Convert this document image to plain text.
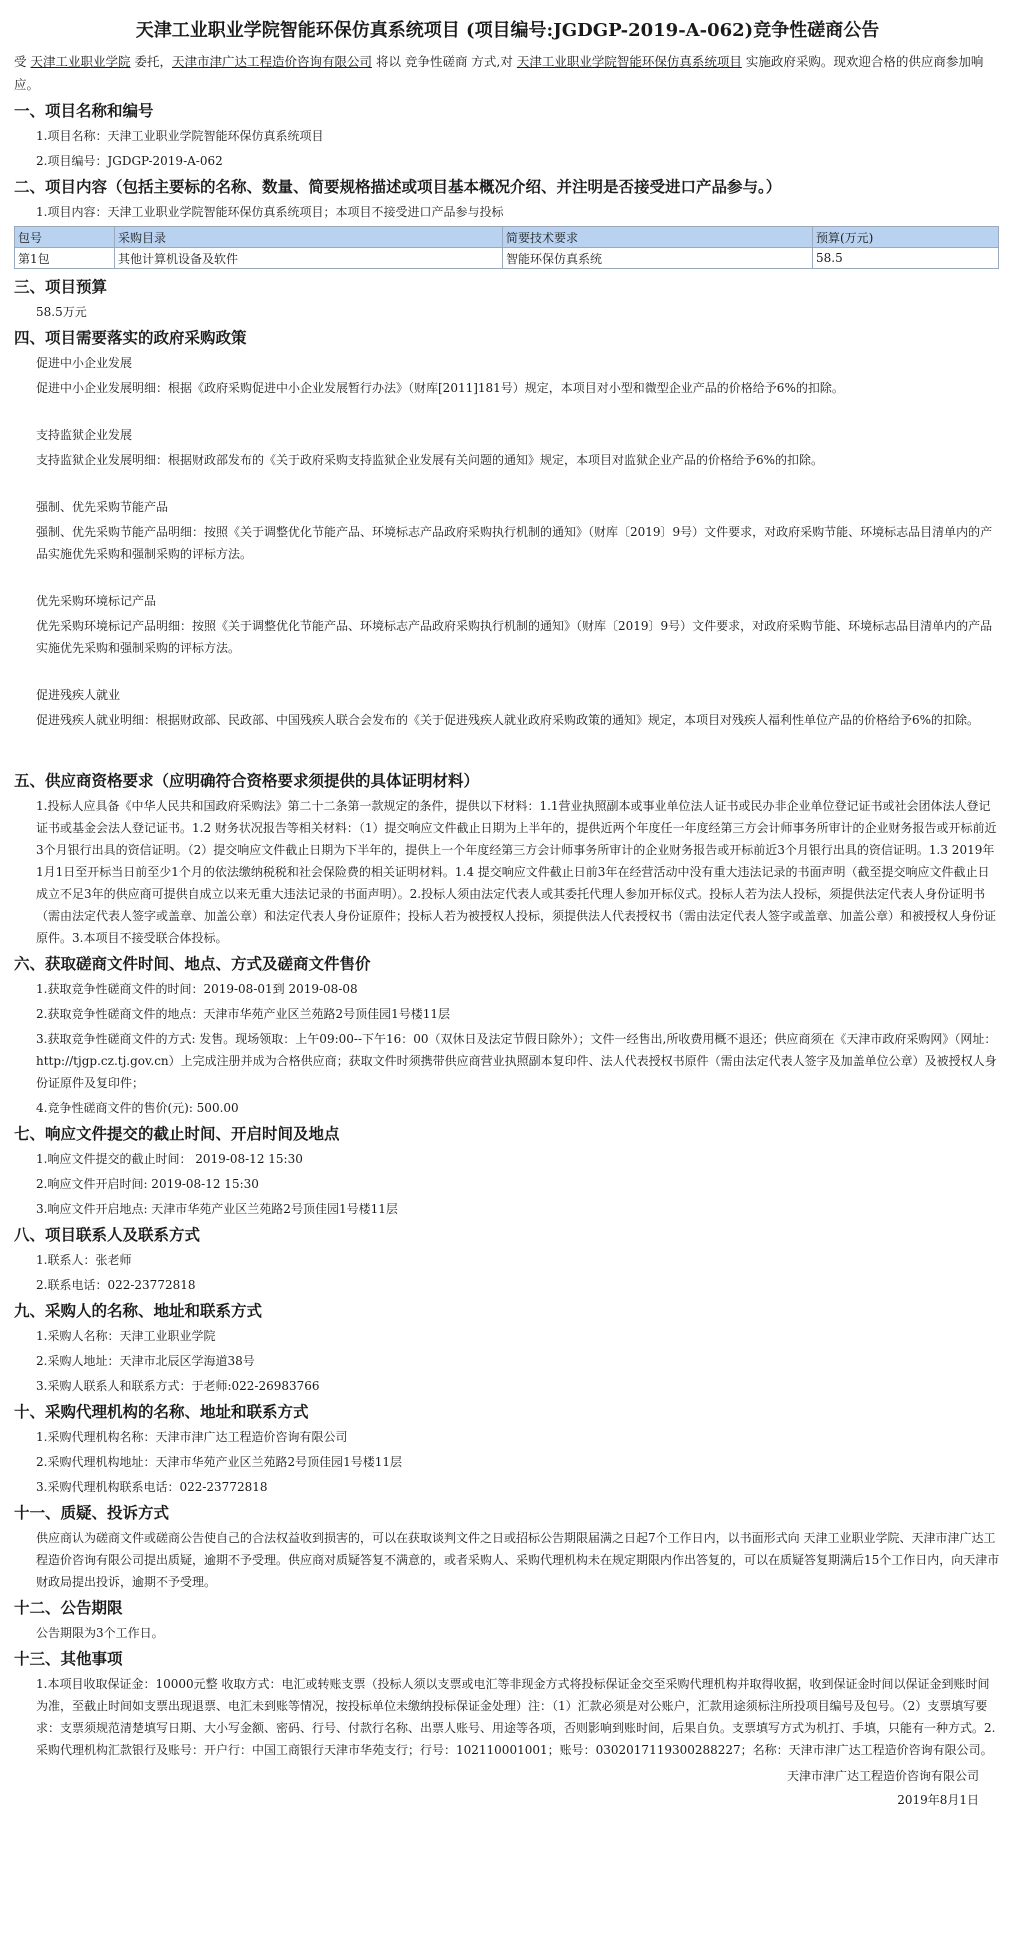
天津工业职业学院智能环保仿真系统项目 (项目编号:JGDGP-2019-A-062)竞争性磋商公告
受 天津工业职业学院 委托，天津市津广达工程造价咨询有限公司 将以 竞争性磋商 方式,对 天津工业职业学院智能环保仿真系统项目 实施政府采购。现欢迎合格的供应商参加响应。
一、项目名称和编号
1.项目名称：天津工业职业学院智能环保仿真系统项目
2.项目编号：JGDGP-2019-A-062
二、项目内容（包括主要标的名称、数量、简要规格描述或项目基本概况介绍、并注明是否接受进口产品参与。）
1.项目内容：天津工业职业学院智能环保仿真系统项目；本项目不接受进口产品参与投标
包号	采购目录	简要技术要求	预算(万元)
第1包	其他计算机设备及软件	智能环保仿真系统	58.5
三、项目预算
58.5万元
四、项目需要落实的政府采购政策
促进中小企业发展
促进中小企业发展明细：根据《政府采购促进中小企业发展暂行办法》（财库[2011]181号）规定，本项目对小型和微型企业产品的价格给予6%的扣除。
支持监狱企业发展
支持监狱企业发展明细：根据财政部发布的《关于政府采购支持监狱企业发展有关问题的通知》规定，本项目对监狱企业产品的价格给予6%的扣除。
强制、优先采购节能产品
强制、优先采购节能产品明细：按照《关于调整优化节能产品、环境标志产品政府采购执行机制的通知》（财库〔2019〕9号）文件要求，对政府采购节能、环境标志品目清单内的产品实施优先采购和强制采购的评标方法。
优先采购环境标记产品
优先采购环境标记产品明细：按照《关于调整优化节能产品、环境标志产品政府采购执行机制的通知》（财库〔2019〕9号）文件要求，对政府采购节能、环境标志品目清单内的产品实施优先采购和强制采购的评标方法。
促进残疾人就业
促进残疾人就业明细：根据财政部、民政部、中国残疾人联合会发布的《关于促进残疾人就业政府采购政策的通知》规定，本项目对残疾人福利性单位产品的价格给予6%的扣除。
五、供应商资格要求（应明确符合资格要求须提供的具体证明材料）
1.投标人应具备《中华人民共和国政府采购法》第二十二条第一款规定的条件，提供以下材料：1.1营业执照副本或事业单位法人证书或民办非企业单位登记证书或社会团体法人登记证书或基金会法人登记证书。1.2 财务状况报告等相关材料：（1）提交响应文件截止日期为上半年的，提供近两个年度任一年度经第三方会计师事务所审计的企业财务报告或开标前近3个月银行出具的资信证明。（2）提交响应文件截止日期为下半年的，提供上一个年度经第三方会计师事务所审计的企业财务报告或开标前近3个月银行出具的资信证明。1.3 2019年1月1日至开标当日前至少1个月的依法缴纳税税和社会保险费的相关证明材料。1.4 提交响应文件截止日前3年在经营活动中没有重大违法记录的书面声明（截至提交响应文件截止日成立不足3年的供应商可提供自成立以来无重大违法记录的书面声明）。2.投标人须由法定代表人或其委托代理人参加开标仪式。投标人若为法人投标，须提供法定代表人身份证明书（需由法定代表人签字或盖章、加盖公章）和法定代表人身份证原件；投标人若为被授权人投标，须提供法人代表授权书（需由法定代表人签字或盖章、加盖公章）和被授权人身份证原件。3.本项目不接受联合体投标。
六、获取磋商文件时间、地点、方式及磋商文件售价
1.获取竞争性磋商文件的时间：2019-08-01到 2019-08-08
2.获取竞争性磋商文件的地点：天津市华苑产业区兰苑路2号顶佳园1号楼11层
3.获取竞争性磋商文件的方式: 发售。现场领取：上午09:00--下午16：00（双休日及法定节假日除外）；文件一经售出,所收费用概不退还；供应商须在《天津市政府采购网》（网址：http://tjgp.cz.tj.gov.cn）上完成注册并成为合格供应商；获取文件时须携带供应商营业执照副本复印件、法人代表授权书原件（需由法定代表人签字及加盖单位公章）及被授权人身份证原件及复印件；
4.竞争性磋商文件的售价(元): 500.00
七、响应文件提交的截止时间、开启时间及地点
1.响应文件提交的截止时间： 2019-08-12 15:30
2.响应文件开启时间: 2019-08-12 15:30
3.响应文件开启地点: 天津市华苑产业区兰苑路2号顶佳园1号楼11层
八、项目联系人及联系方式
1.联系人：张老师
2.联系电话：022-23772818
九、采购人的名称、地址和联系方式
1.采购人名称：天津工业职业学院
2.采购人地址：天津市北辰区学海道38号
3.采购人联系人和联系方式：于老师:022-26983766
十、采购代理机构的名称、地址和联系方式
1.采购代理机构名称：天津市津广达工程造价咨询有限公司
2.采购代理机构地址：天津市华苑产业区兰苑路2号顶佳园1号楼11层
3.采购代理机构联系电话：022-23772818
十一、质疑、投诉方式
供应商认为磋商文件或磋商公告使自己的合法权益收到损害的，可以在获取谈判文件之日或招标公告期限届满之日起7个工作日内，以书面形式向 天津工业职业学院、天津市津广达工程造价咨询有限公司提出质疑，逾期不予受理。供应商对质疑答复不满意的，或者采购人、采购代理机构未在规定期限内作出答复的，可以在质疑答复期满后15个工作日内，向天津市财政局提出投诉，逾期不予受理。
十二、公告期限
公告期限为3个工作日。
十三、其他事项
1.本项目收取保证金：10000元整 收取方式：电汇或转账支票（投标人须以支票或电汇等非现金方式将投标保证金交至采购代理机构并取得收据，收到保证金时间以保证金到账时间为准，至截止时间如支票出现退票、电汇未到账等情况，按投标单位未缴纳投标保证金处理）注：（1）汇款必须是对公账户，汇款用途须标注所投项目编号及包号。（2）支票填写要求：支票须规范清楚填写日期、大小写金额、密码、行号、付款行名称、出票人账号、用途等各项，否则影响到账时间，后果自负。支票填写方式为机打、手填，只能有一种方式。2.采购代理机构汇款银行及账号：开户行：中国工商银行天津市华苑支行；行号：102110001001；账号：0302017119300288227；名称：天津市津广达工程造价咨询有限公司。
天津市津广达工程造价咨询有限公司
2019年8月1日
